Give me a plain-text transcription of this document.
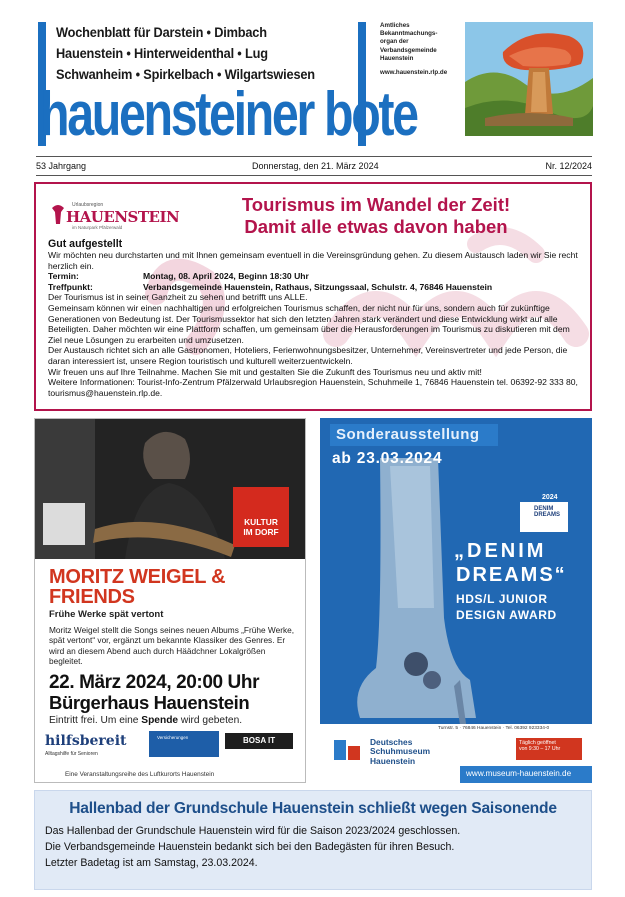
Wochenblatt für Darstein • Dimbach
Hauenstein • Hinterweidenthal • Lug
Schwanheim • Spirkelbach • Wilgartswiesen
Amtliches
Bekanntmachungs-
organ der
Verbandsgemeinde
Hauenstein
www.hauenstein.rlp.de
hauensteiner bote
53 Jahrgang	Donnerstag, den 21. März 2024	Nr. 12/2024
Urlaubsregion
HAUENSTEIN
im Naturpark Pfälzerwald
Tourismus im Wandel der Zeit!
Damit alle etwas davon haben
Gut aufgestellt

Wir möchten neu durchstarten und mit Ihnen gemeinsam eventuell in die Vereinsgründung gehen. Zu diesem Austausch laden wir Sie recht herzlich ein.

Termin:	Montag, 08. April 2024, Beginn 18:30 Uhr
Treffpunkt:	Verbandsgemeinde Hauenstein, Rathaus, Sitzungssaal, Schulstr. 4, 76846 Hauenstein

Der Tourismus ist in seiner Ganzheit zu sehen und betrifft uns ALLE.

Gemeinsam können wir einen nachhaltigen und erfolgreichen Tourismus schaffen, der nicht nur für uns, sondern auch für zukünftige Generationen von Bedeutung ist. Der Tourismussektor hat sich den letzten Jahren stark verändert und diese Entwicklung wirkt auf alle Beteiligten. Daher möchten wir eine Plattform schaffen, um gemeinsam über die Herausforderungen im Tourismus zu diskutieren mit dem Ziel neue Lösungen zu erarbeiten und umzusetzen.

Der Austausch richtet sich an alle Gastronomen, Hoteliers, Ferienwohnungsbesitzer, Unternehmer, Vereinsvertreter und jede Person, die daran interessiert ist, unsere Region touristisch und kulturell weiterzuentwickeln.

Wir freuen uns auf Ihre Teilnahme. Machen Sie mit und gestalten Sie die Zukunft des Tourismus neu und aktiv mit!

Weitere Informationen: Tourist-Info-Zentrum Pfälzerwald Urlaubsregion Hauenstein, Schuhmeile 1, 76846 Hauenstein tel. 06392-92 333 80, tourismus@hauenstein.rlp.de.

KULTUR
IM DORF
MORITZ WEIGEL &
FRIENDS
Frühe Werke spät vertont
Moritz Weigel stellt die Songs seines neuen Albums „Frühe Werke, spät vertont“ vor, ergänzt um bekannte Klassiker des Genres. Er wird an diesem Abend auch durch Häädchner Lokalgrößen begleitet.
22. März 2024, 20:00 Uhr
Bürgerhaus Hauenstein
Eintritt frei. Um eine Spende wird gebeten.
hilfsbereit
Alltagshilfe für Senioren
Versicherungen	BOSA IT
Eine Veranstaltungsreihe des Luftkurorts Hauenstein
Sonderausstellung
ab 23.03.2024
2024
DENIM
DREAMS
„DENIM
DREAMS“
HDS/L JUNIOR
DESIGN AWARD
Turnstr. 5 · 76846 Hauenstein · Tel. 06392 923334-0
Deutsches
Schuhmuseum
Hauenstein
Täglich geöffnet
von 9:30 – 17 Uhr
www.museum-hauenstein.de
Hallenbad der Grundschule Hauenstein schließt wegen Saisonende
Das Hallenbad der Grundschule Hauenstein wird für die Saison 2023/2024 geschlossen.
Die Verbandsgemeinde Hauenstein bedankt sich bei den Badegästen für ihren Besuch.
Letzter Badetag ist am Samstag, 23.03.2024.
